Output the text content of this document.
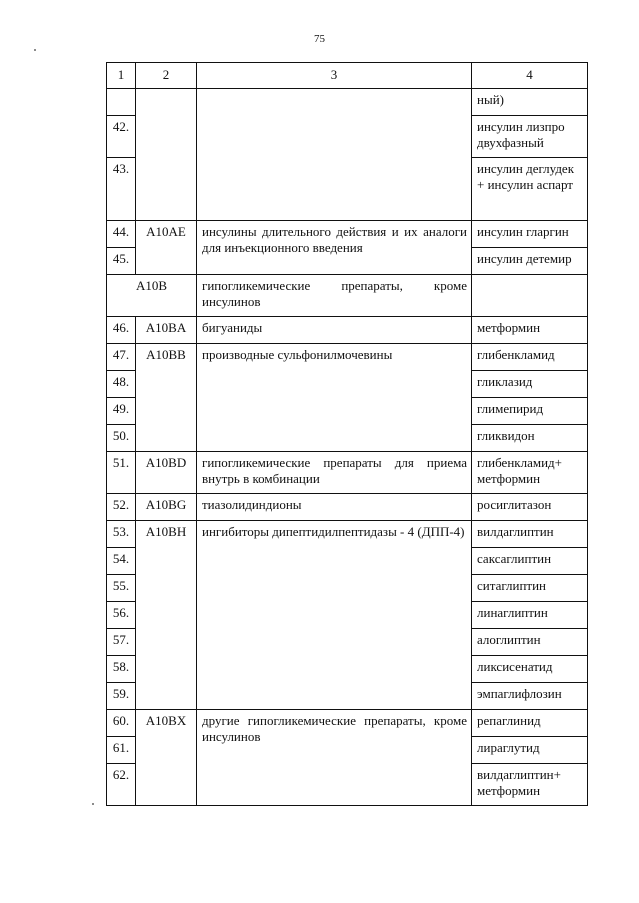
75
1	2	3	4
			ный)
42.			инсулин лизпро двухфазный
43.			инсулин деглудек + инсулин аспарт
44.	A10AE	инсулины длительного действия и их аналоги для инъекционного введения	инсулин гларгин
45.			инсулин детемир
A10B		гипогликемические препараты, кроме инсулинов	
46.	A10BA	бигуаниды	метформин
47.	A10BB	производные сульфонилмочевины	глибенкламид
48.			гликлазид
49.			глимепирид
50.			гликвидон
51.	A10BD	гипогликемические препараты для приема внутрь в комбинации	глибенкламид+ метформин
52.	A10BG	тиазолидиндионы	росиглитазон
53.	A10BH	ингибиторы дипептидилпептидазы - 4 (ДПП-4)	вилдаглиптин
54.			саксаглиптин
55.			ситаглиптин
56.			линаглиптин
57.			алоглиптин
58.			ликсисенатид
59.			эмпаглифлозин
60.	A10BX	другие гипогликемические препараты, кроме инсулинов	репаглинид
61.			лираглутид
62.			вилдаглиптин+ метформин
